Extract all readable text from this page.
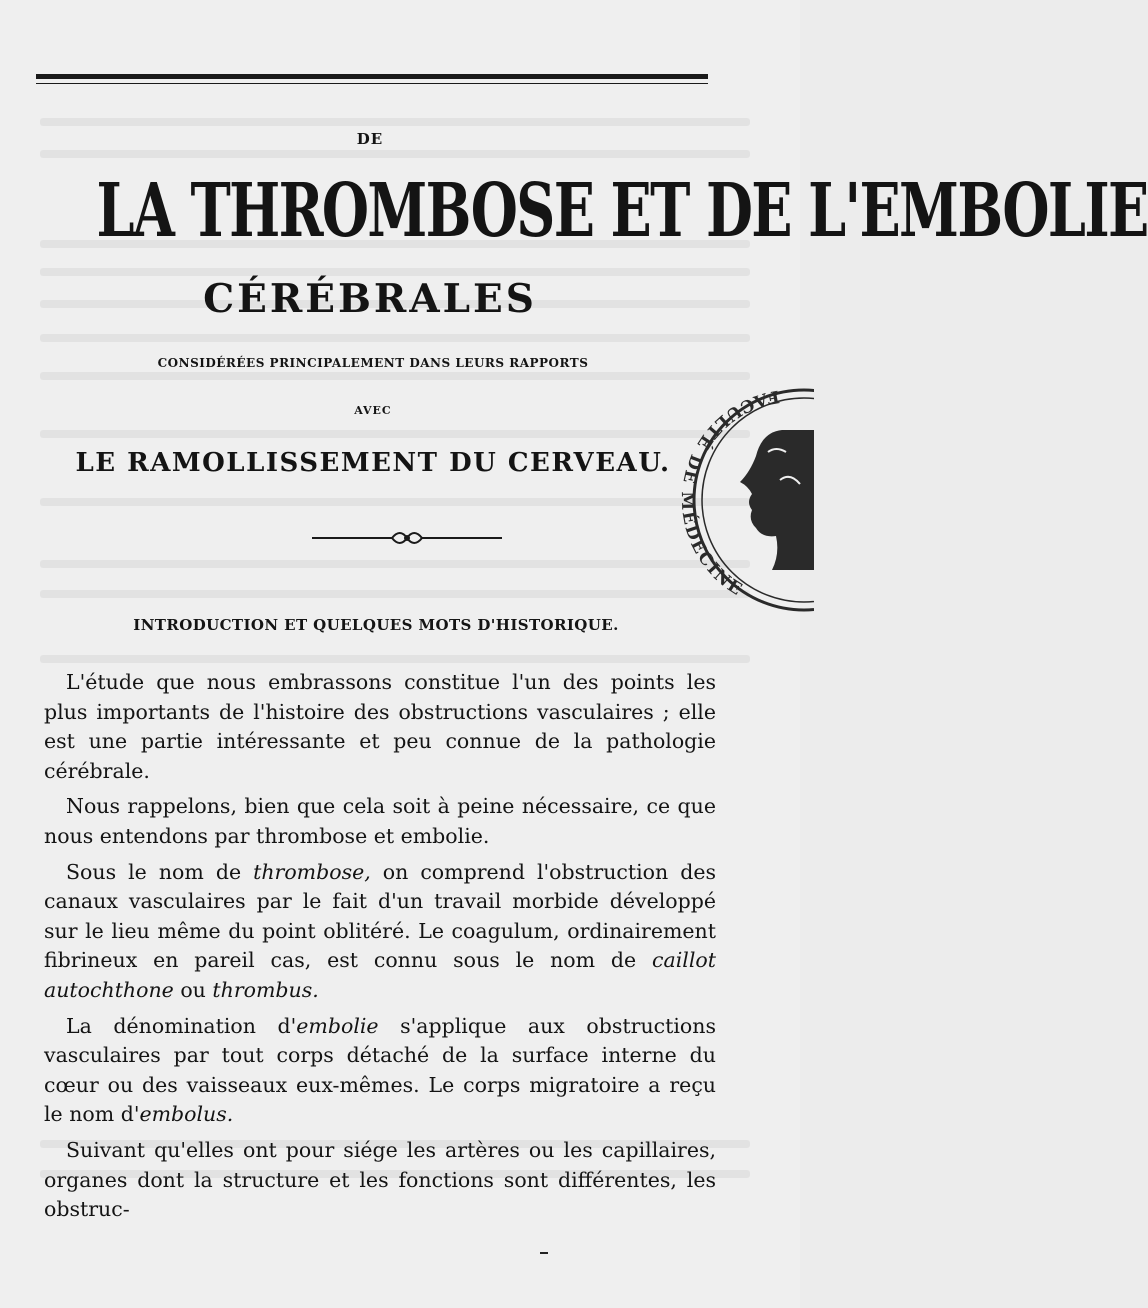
DE
LA THROMBOSE ET DE L'EMBOLIE
CÉRÉBRALES
CONSIDÉRÉES PRINCIPALEMENT DANS LEURS RAPPORTS
AVEC
LE RAMOLLISSEMENT DU CERVEAU.
FACULTÉ DE MÉDECINE
INTRODUCTION ET QUELQUES MOTS D'HISTORIQUE.

L'étude que nous embrassons constitue l'un des points les plus importants de l'histoire des obstructions vasculaires ; elle est une partie intéressante et peu connue de la pathologie cérébrale.

Nous rappelons, bien que cela soit à peine nécessaire, ce que nous entendons par thrombose et embolie.

Sous le nom de thrombose, on comprend l'obstruction des canaux vasculaires par le fait d'un travail morbide développé sur le lieu même du point oblitéré. Le coagulum, ordinairement fibrineux en pareil cas, est connu sous le nom de caillot autochthone ou thrombus.

La dénomination d'embolie s'applique aux obstructions vasculaires par tout corps détaché de la surface interne du cœur ou des vaisseaux eux-mêmes. Le corps migratoire a reçu le nom d'embolus.

Suivant qu'elles ont pour siége les artères ou les capillaires, organes dont la structure et les fonctions sont différentes, les obstruc-
